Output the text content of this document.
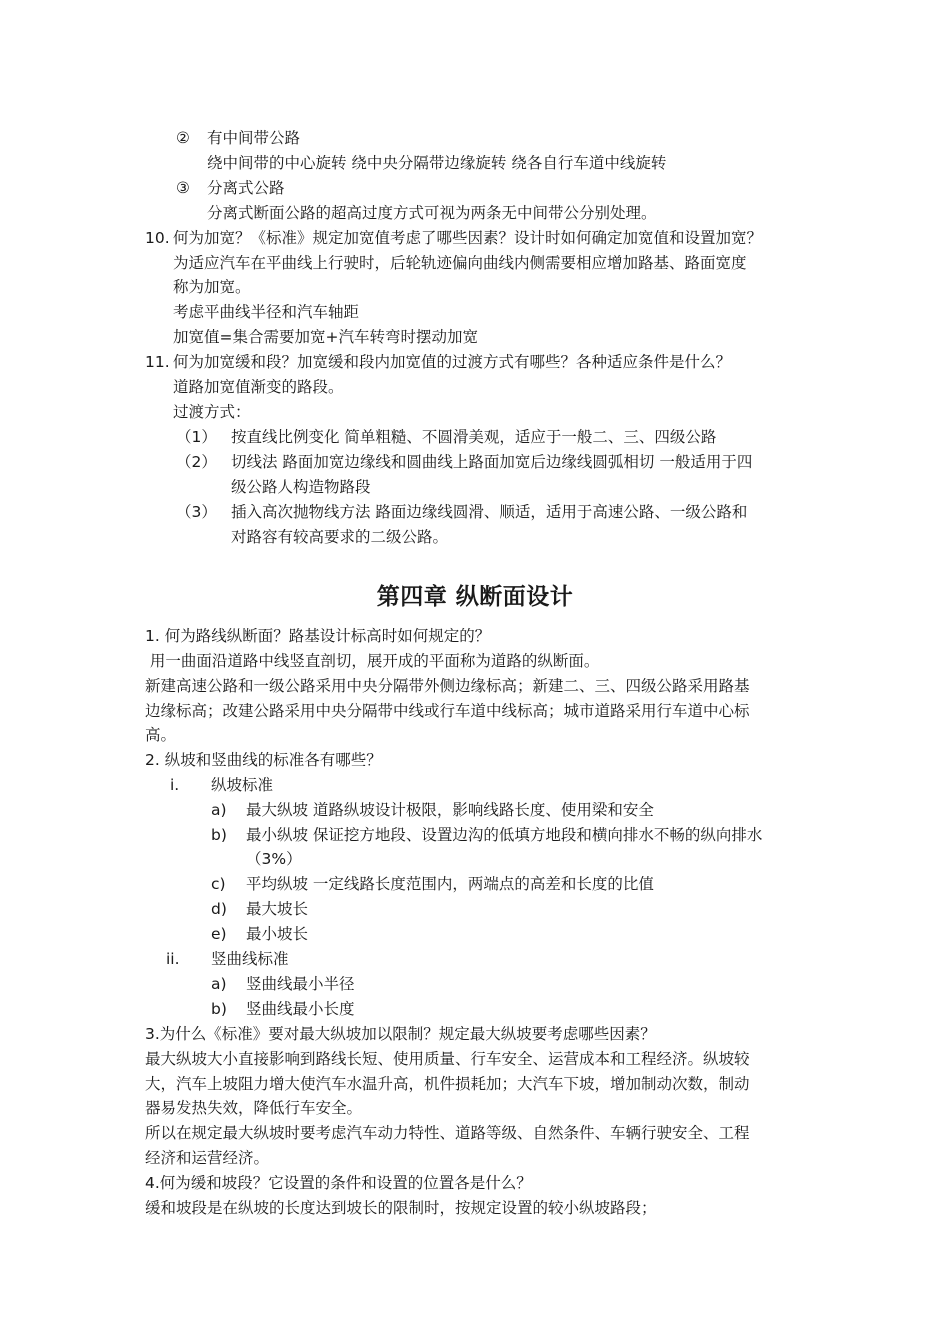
② 有中间带公路
绕中间带的中心旋转 绕中央分隔带边缘旋转 绕各自行车道中线旋转
③ 分离式公路
分离式断面公路的超高过度方式可视为两条无中间带公分别处理。
10. 何为加宽？《标准》规定加宽值考虑了哪些因素？设计时如何确定加宽值和设置加宽？
为适应汽车在平曲线上行驶时，后轮轨迹偏向曲线内侧需要相应增加路基、路面宽度
称为加宽。
考虑平曲线半径和汽车轴距
加宽值=集合需要加宽+汽车转弯时摆动加宽
11. 何为加宽缓和段？加宽缓和段内加宽值的过渡方式有哪些？各种适应条件是什么？
道路加宽值渐变的路段。
过渡方式：
（1） 按直线比例变化 简单粗糙、不圆滑美观，适应于一般二、三、四级公路
（2） 切线法 路面加宽边缘线和圆曲线上路面加宽后边缘线圆弧相切 一般适用于四
级公路人构造物路段
（3） 插入高次抛物线方法 路面边缘线圆滑、顺适，适用于高速公路、一级公路和
对路容有较高要求的二级公路。
第四章 纵断面设计
1. 何为路线纵断面？路基设计标高时如何规定的？
用一曲面沿道路中线竖直剖切，展开成的平面称为道路的纵断面。
新建高速公路和一级公路采用中央分隔带外侧边缘标高；新建二、三、四级公路采用路基
边缘标高；改建公路采用中央分隔带中线或行车道中线标高；城市道路采用行车道中心标
高。
2. 纵坡和竖曲线的标准各有哪些？
i. 纵坡标准
a) 最大纵坡 道路纵坡设计极限，影响线路长度、使用梁和安全
b) 最小纵坡 保证挖方地段、设置边沟的低填方地段和横向排水不畅的纵向排水
（3%）
c) 平均纵坡 一定线路长度范围内，两端点的高差和长度的比值
d) 最大坡长
e) 最小坡长
ii. 竖曲线标准
a) 竖曲线最小半径
b) 竖曲线最小长度
3.为什么《标准》要对最大纵坡加以限制？规定最大纵坡要考虑哪些因素？
最大纵坡大小直接影响到路线长短、使用质量、行车安全、运营成本和工程经济。纵坡较
大，汽车上坡阻力增大使汽车水温升高，机件损耗加；大汽车下坡，增加制动次数，制动
器易发热失效，降低行车安全。
所以在规定最大纵坡时要考虑汽车动力特性、道路等级、自然条件、车辆行驶安全、工程
经济和运营经济。
4.何为缓和坡段？它设置的条件和设置的位置各是什么？
缓和坡段是在纵坡的长度达到坡长的限制时，按规定设置的较小纵坡路段；
